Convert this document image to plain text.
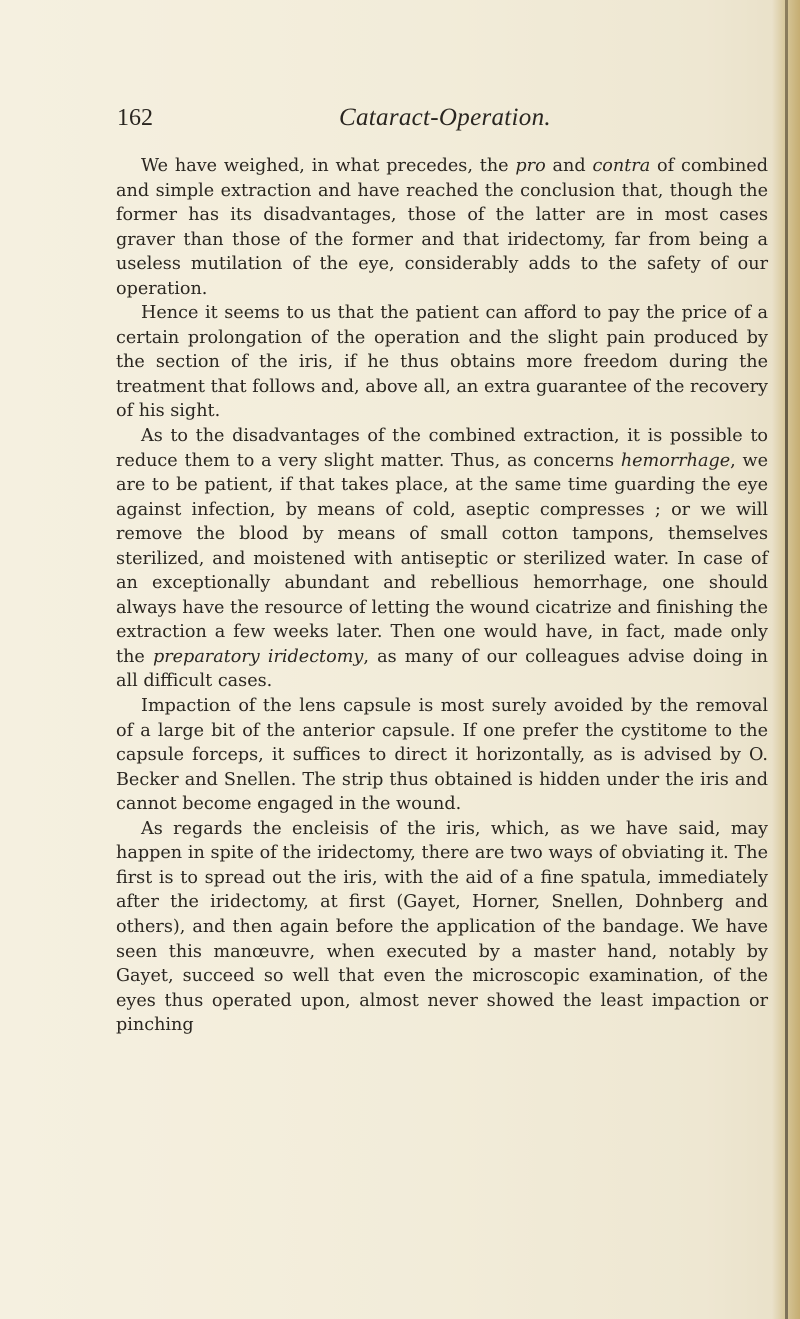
162	Cataract-Operation.

We have weighed, in what precedes, the pro and contra of combined and simple extraction and have reached the conclusion that, though the former has its disadvantages, those of the latter are in most cases graver than those of the former and that iridectomy, far from being a useless mutilation of the eye, considerably adds to the safety of our operation.

Hence it seems to us that the patient can afford to pay the price of a certain prolongation of the operation and the slight pain produced by the section of the iris, if he thus obtains more freedom during the treatment that follows and, above all, an extra guarantee of the recovery of his sight.

As to the disadvantages of the combined extraction, it is possible to reduce them to a very slight matter. Thus, as concerns hemorrhage, we are to be patient, if that takes place, at the same time guarding the eye against infection, by means of cold, aseptic compresses ; or we will remove the blood by means of small cotton tampons, themselves sterilized, and moistened with antiseptic or sterilized water. In case of an exceptionally abundant and rebellious hemorrhage, one should always have the resource of letting the wound cicatrize and finishing the extraction a few weeks later. Then one would have, in fact, made only the preparatory iridectomy, as many of our colleagues advise doing in all difficult cases.

Impaction of the lens capsule is most surely avoided by the removal of a large bit of the anterior capsule. If one prefer the cystitome to the capsule forceps, it suffices to direct it horizontally, as is advised by O. Becker and Snellen. The strip thus obtained is hidden under the iris and cannot become engaged in the wound.

As regards the encleisis of the iris, which, as we have said, may happen in spite of the iridectomy, there are two ways of obviating it. The first is to spread out the iris, with the aid of a fine spatula, immediately after the iridectomy, at first (Gayet, Horner, Snellen, Dohnberg and others), and then again before the application of the bandage. We have seen this manœuvre, when executed by a master hand, notably by Gayet, succeed so well that even the microscopic examination, of the eyes thus operated upon, almost never showed the least impaction or pinching
